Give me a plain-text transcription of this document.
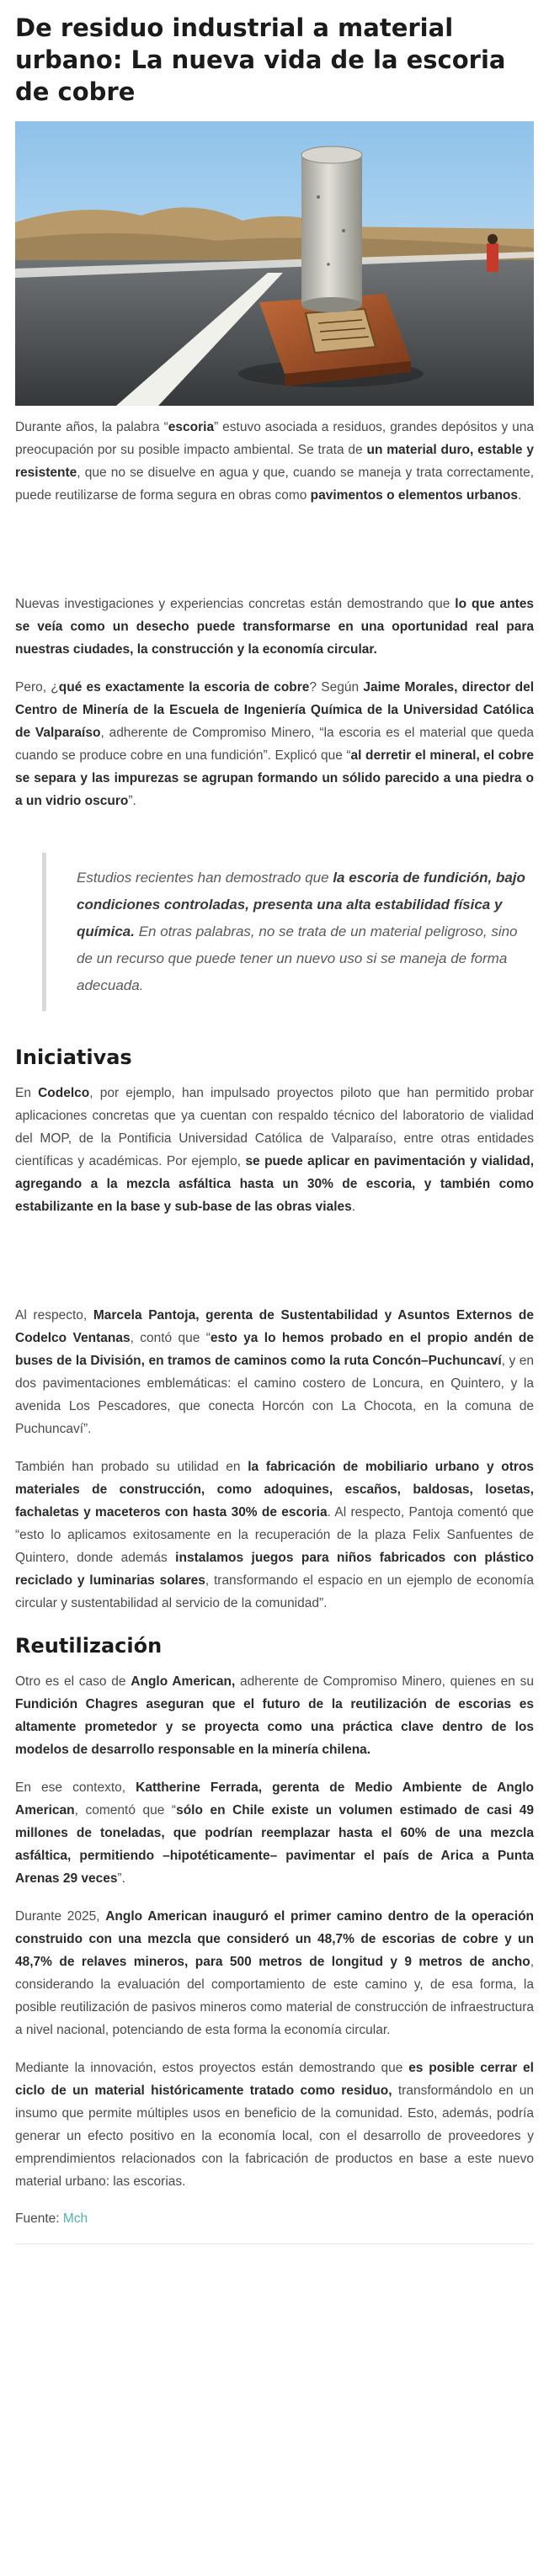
De residuo industrial a material urbano: La nueva vida de la escoria de cobre

Durante años, la palabra “escoria” estuvo asociada a residuos, grandes depósitos y una preocupación por su posible impacto ambiental. Se trata de un material duro, estable y resistente, que no se disuelve en agua y que, cuando se maneja y trata correctamente, puede reutilizarse de forma segura en obras como pavimentos o elementos urbanos.

Nuevas investigaciones y experiencias concretas están demostrando que lo que antes se veía como un desecho puede transformarse en una oportunidad real para nuestras ciudades, la construcción y la economía circular.

Pero, ¿qué es exactamente la escoria de cobre? Según Jaime Morales, director del Centro de Minería de la Escuela de Ingeniería Química de la Universidad Católica de Valparaíso, adherente de Compromiso Minero, “la escoria es el material que queda cuando se produce cobre en una fundición”. Explicó que “al derretir el mineral, el cobre se separa y las impurezas se agrupan formando un sólido parecido a una piedra o a un vidrio oscuro”.

Estudios recientes han demostrado que la escoria de fundición, bajo condiciones controladas, presenta una alta estabilidad física y química. En otras palabras, no se trata de un material peligroso, sino de un recurso que puede tener un nuevo uso si se maneja de forma adecuada.
Iniciativas

En Codelco, por ejemplo, han impulsado proyectos piloto que han permitido probar aplicaciones concretas que ya cuentan con respaldo técnico del laboratorio de vialidad del MOP, de la Pontificia Universidad Católica de Valparaíso, entre otras entidades científicas y académicas. Por ejemplo, se puede aplicar en pavimentación y vialidad, agregando a la mezcla asfáltica hasta un 30% de escoria, y también como estabilizante en la base y sub-base de las obras viales.

Al respecto, Marcela Pantoja, gerenta de Sustentabilidad y Asuntos Externos de Codelco Ventanas, contó que “esto ya lo hemos probado en el propio andén de buses de la División, en tramos de caminos como la ruta Concón–Puchuncaví, y en dos pavimentaciones emblemáticas: el camino costero de Loncura, en Quintero, y la avenida Los Pescadores, que conecta Horcón con La Chocota, en la comuna de Puchuncaví”.

También han probado su utilidad en la fabricación de mobiliario urbano y otros materiales de construcción, como adoquines, escaños, baldosas, losetas, fachaletas y maceteros con hasta 30% de escoria. Al respecto, Pantoja comentó que “esto lo aplicamos exitosamente en la recuperación de la plaza Felix Sanfuentes de Quintero, donde además instalamos juegos para niños fabricados con plástico reciclado y luminarias solares, transformando el espacio en un ejemplo de economía circular y sustentabilidad al servicio de la comunidad”.

Reutilización

Otro es el caso de Anglo American, adherente de Compromiso Minero, quienes en su Fundición Chagres aseguran que el futuro de la reutilización de escorias es altamente prometedor y se proyecta como una práctica clave dentro de los modelos de desarrollo responsable en la minería chilena.

En ese contexto, Kattherine Ferrada, gerenta de Medio Ambiente de Anglo American, comentó que “sólo en Chile existe un volumen estimado de casi 49 millones de toneladas, que podrían reemplazar hasta el 60% de una mezcla asfáltica, permitiendo –hipotéticamente– pavimentar el país de Arica a Punta Arenas 29 veces”.

Durante 2025, Anglo American inauguró el primer camino dentro de la operación construido con una mezcla que consideró un 48,7% de escorias de cobre y un 48,7% de relaves mineros, para 500 metros de longitud y 9 metros de ancho, considerando la evaluación del comportamiento de este camino y, de esa forma, la posible reutilización de pasivos mineros como material de construcción de infraestructura a nivel nacional, potenciando de esta forma la economía circular.

Mediante la innovación, estos proyectos están demostrando que es posible cerrar el ciclo de un material históricamente tratado como residuo, transformándolo en un insumo que permite múltiples usos en beneficio de la comunidad. Esto, además, podría generar un efecto positivo en la economía local, con el desarrollo de proveedores y emprendimientos relacionados con la fabricación de productos en base a este nuevo material urbano: las escorias.

Fuente: Mch
